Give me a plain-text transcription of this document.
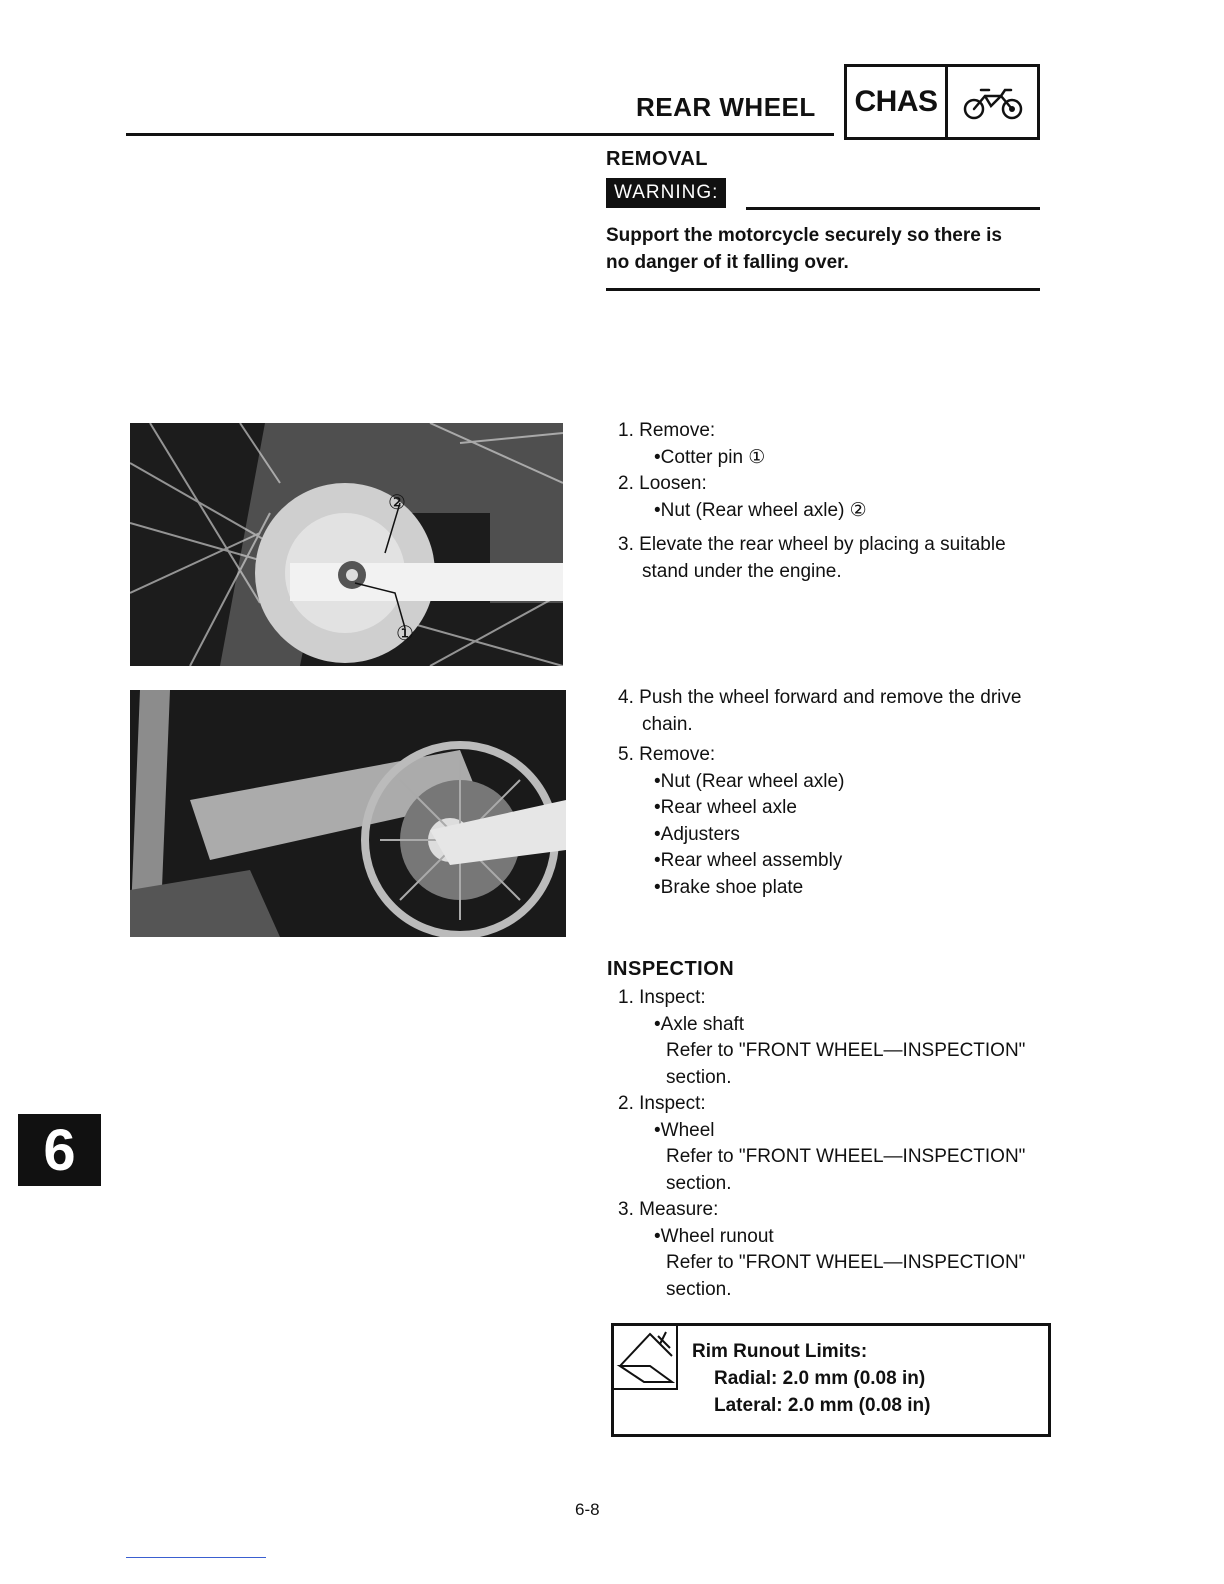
REAR WHEEL CHAS
REMOVAL
WARNING:
Support the motorcycle securely so there is
no danger of it falling over.
②
①
1. Remove:
•Cotter pin ①
2. Loosen:
•Nut (Rear wheel axle) ②
3. Elevate the rear wheel by placing a suitable
stand under the engine.
4. Push the wheel forward and remove the drive
chain.
5. Remove:
•Nut (Rear wheel axle)
•Rear wheel axle
•Adjusters
•Rear wheel assembly
•Brake shoe plate
INSPECTION
1. Inspect:
•Axle shaft
Refer to "FRONT WHEEL—INSPECTION"
section.
2. Inspect:
•Wheel
Refer to "FRONT WHEEL—INSPECTION"
section.
3. Measure:
•Wheel runout
Refer to "FRONT WHEEL—INSPECTION"
section.
Rim Runout Limits:
Radial: 2.0 mm (0.08 in)
Lateral: 2.0 mm (0.08 in)
6
6-8
